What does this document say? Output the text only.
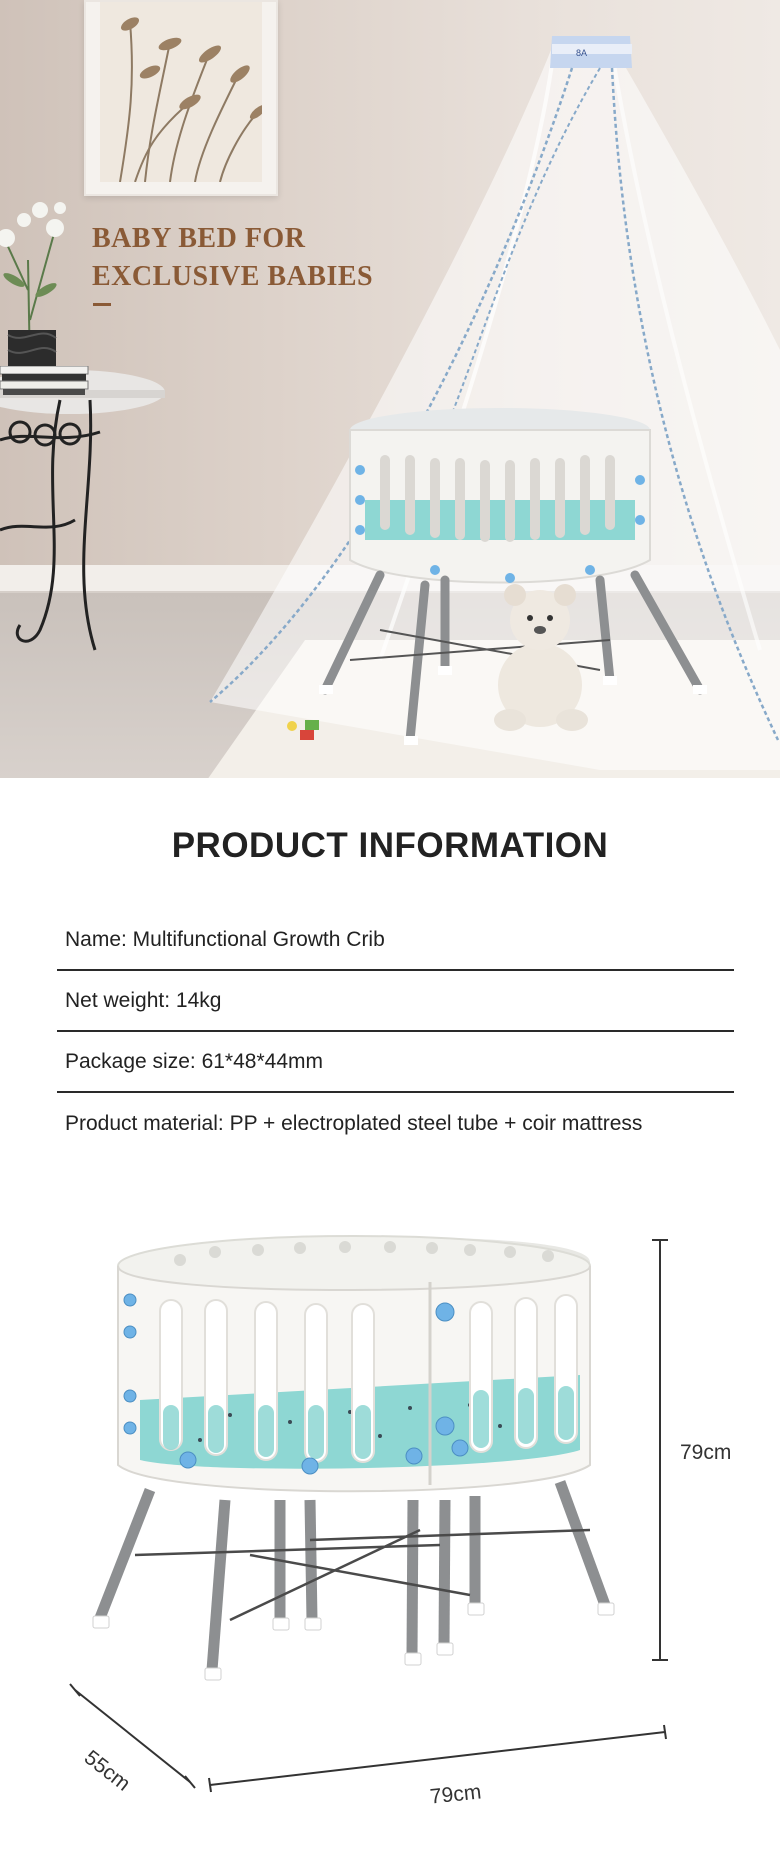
BABY BED FOR
EXCLUSIVE BABIES
8A
PRODUCT INFORMATION
Name: Multifunctional Growth Crib
Net weight: 14kg
Package size: 61*48*44mm
Product material: PP + electroplated steel tube + coir mattress
79cm
55cm	79cm
